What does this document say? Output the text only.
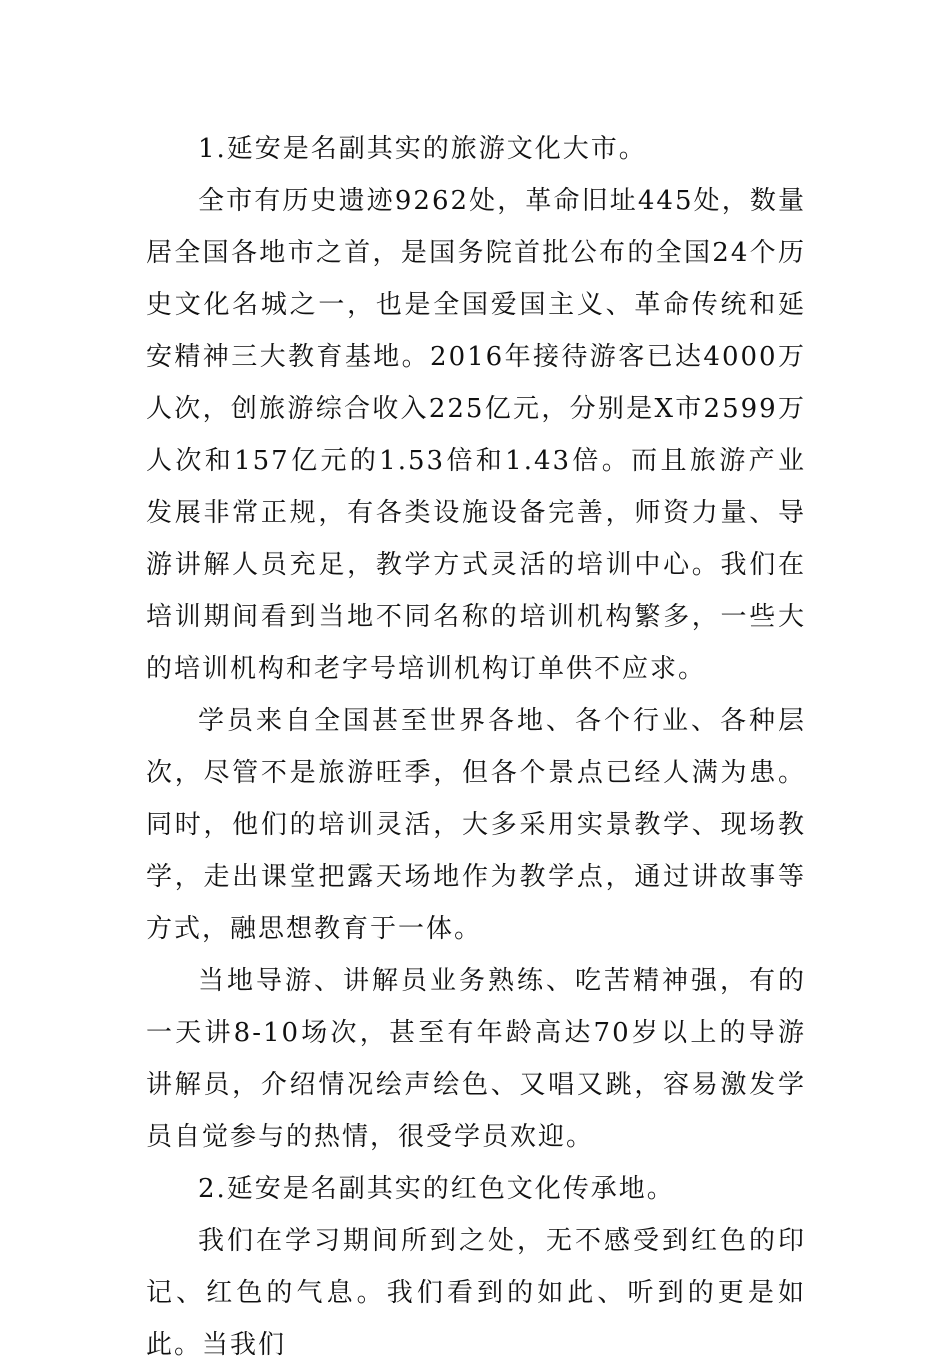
1.延安是名副其实的旅游文化大市。

全市有历史遗迹9262处，革命旧址445处，数量居全国各地市之首，是国务院首批公布的全国24个历史文化名城之一，也是全国爱国主义、革命传统和延安精神三大教育基地。2016年接待游客已达4000万人次，创旅游综合收入225亿元，分别是X市2599万人次和157亿元的1.53倍和1.43倍。而且旅游产业发展非常正规，有各类设施设备完善，师资力量、导游讲解人员充足，教学方式灵活的培训中心。我们在培训期间看到当地不同名称的培训机构繁多，一些大的培训机构和老字号培训机构订单供不应求。

学员来自全国甚至世界各地、各个行业、各种层次，尽管不是旅游旺季，但各个景点已经人满为患。同时，他们的培训灵活，大多采用实景教学、现场教学，走出课堂把露天场地作为教学点，通过讲故事等方式，融思想教育于一体。

当地导游、讲解员业务熟练、吃苦精神强，有的一天讲8-10场次，甚至有年龄高达70岁以上的导游讲解员，介绍情况绘声绘色、又唱又跳，容易激发学员自觉参与的热情，很受学员欢迎。

2.延安是名副其实的红色文化传承地。

我们在学习期间所到之处，无不感受到红色的印记、红色的气息。我们看到的如此、听到的更是如此。当我们
